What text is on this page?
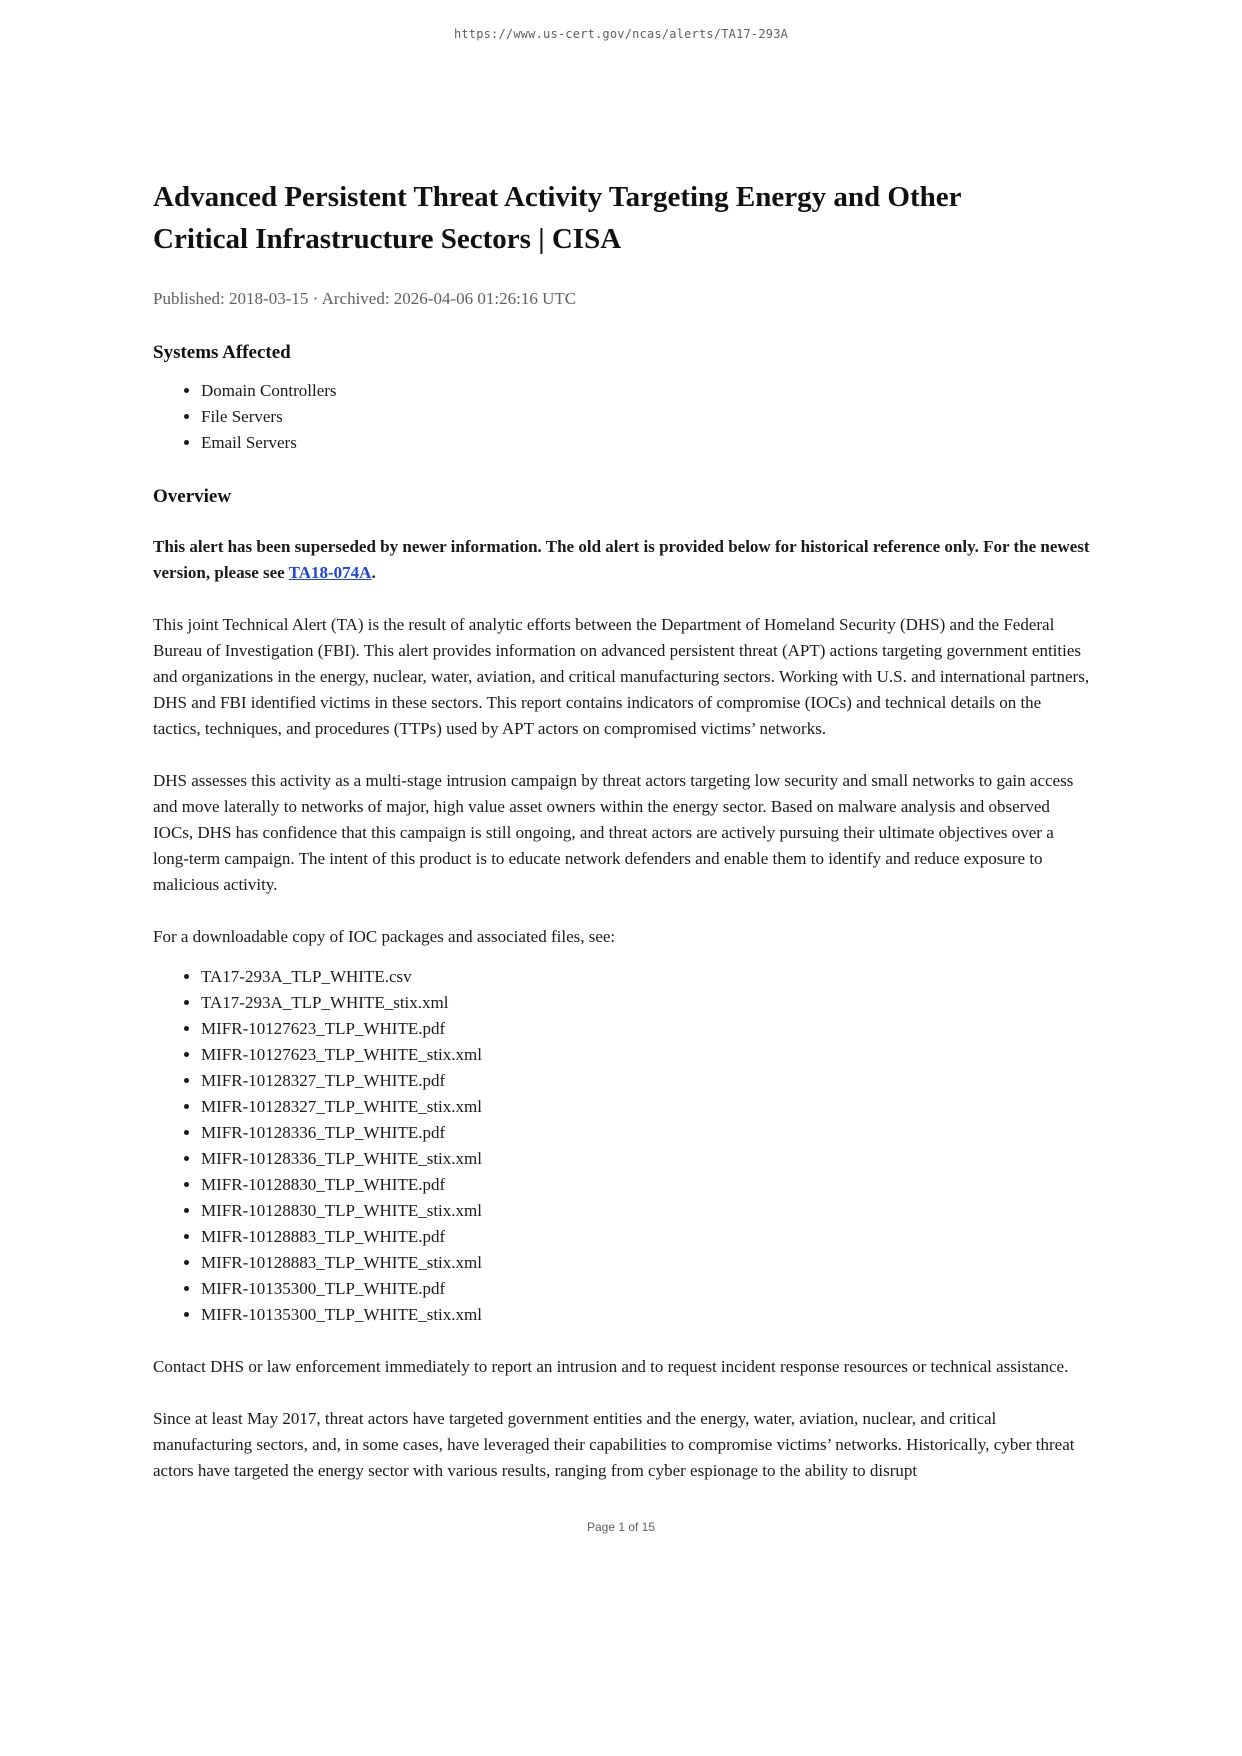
https://www.us-cert.gov/ncas/alerts/TA17-293A
Advanced Persistent Threat Activity Targeting Energy and Other
Critical Infrastructure Sectors | CISA

Published: 2018-03-15 · Archived: 2026-04-06 01:26:16 UTC

Systems Affected
• Domain Controllers
• File Servers
• Email Servers
Overview

This alert has been superseded by newer information. The old alert is provided below for historical reference only. For the newest version, please see TA18-074A.

This joint Technical Alert (TA) is the result of analytic efforts between the Department of Homeland Security (DHS) and the Federal Bureau of Investigation (FBI). This alert provides information on advanced persistent threat (APT) actions targeting government entities and organizations in the energy, nuclear, water, aviation, and critical manufacturing sectors. Working with U.S. and international partners, DHS and FBI identified victims in these sectors. This report contains indicators of compromise (IOCs) and technical details on the tactics, techniques, and procedures (TTPs) used by APT actors on compromised victims’ networks.

DHS assesses this activity as a multi-stage intrusion campaign by threat actors targeting low security and small networks to gain access and move laterally to networks of major, high value asset owners within the energy sector. Based on malware analysis and observed IOCs, DHS has confidence that this campaign is still ongoing, and threat actors are actively pursuing their ultimate objectives over a long-term campaign. The intent of this product is to educate network defenders and enable them to identify and reduce exposure to malicious activity.

For a downloadable copy of IOC packages and associated files, see:

• TA17-293A_TLP_WHITE.csv
• TA17-293A_TLP_WHITE_stix.xml
• MIFR-10127623_TLP_WHITE.pdf
• MIFR-10127623_TLP_WHITE_stix.xml
• MIFR-10128327_TLP_WHITE.pdf
• MIFR-10128327_TLP_WHITE_stix.xml
• MIFR-10128336_TLP_WHITE.pdf
• MIFR-10128336_TLP_WHITE_stix.xml
• MIFR-10128830_TLP_WHITE.pdf
• MIFR-10128830_TLP_WHITE_stix.xml
• MIFR-10128883_TLP_WHITE.pdf
• MIFR-10128883_TLP_WHITE_stix.xml
• MIFR-10135300_TLP_WHITE.pdf
• MIFR-10135300_TLP_WHITE_stix.xml

Contact DHS or law enforcement immediately to report an intrusion and to request incident response resources or technical assistance.

Since at least May 2017, threat actors have targeted government entities and the energy, water, aviation, nuclear, and critical manufacturing sectors, and, in some cases, have leveraged their capabilities to compromise victims’ networks. Historically, cyber threat actors have targeted the energy sector with various results, ranging from cyber espionage to the ability to disrupt

Page 1 of 15
